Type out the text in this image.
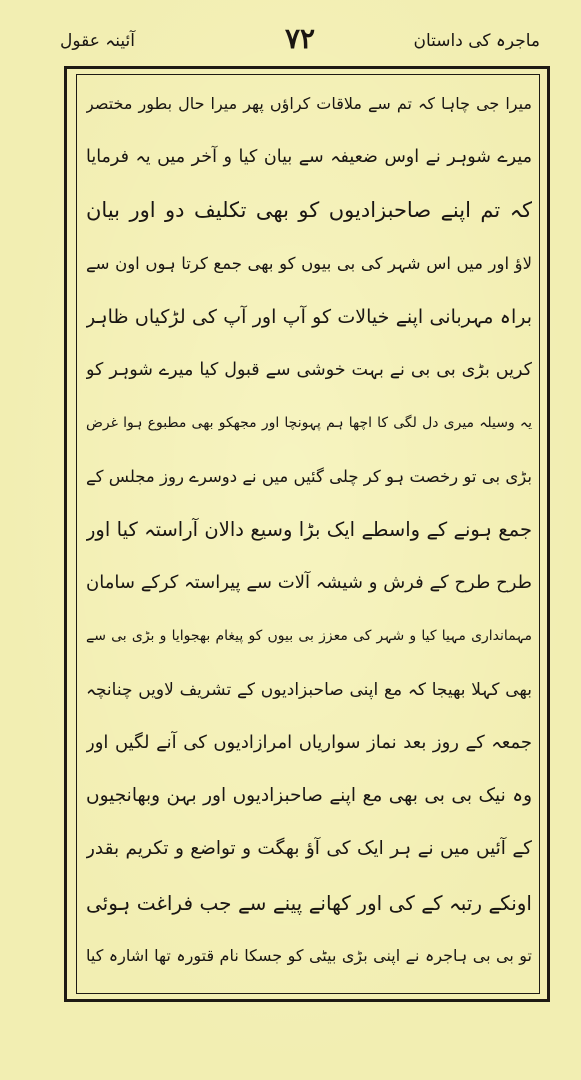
ماجرہ کی داستان
٧٢
آئینہ عقول
میرا جی چاہا کہ تم سے ملاقات کراؤں پھر میرا حال بطور مختصر
میرے شوہر نے اوس ضعیفہ سے بیان کیا و آخر میں یہ فرمایا
کہ تم اپنے صاحبزادیوں کو بھی تکلیف دو اور بیان
لاؤ اور میں اس شہر کی بی بیوں کو بھی جمع کرتا ہوں اون سے
براہ مہربانی اپنے خیالات کو آپ اور آپ کی لڑکیاں ظاہر
کریں بڑی بی بی نے بہت خوشی سے قبول کیا میرے شوہر کو
یہ وسیلہ میری دل لگی کا اچھا ہم پہونچا اور مجھکو بھی مطبوع ہوا غرض
بڑی بی تو رخصت ہو کر چلی گئیں میں نے دوسرے روز مجلس کے
جمع ہونے کے واسطے ایک بڑا وسیع دالان آراستہ کیا اور
طرح طرح کے فرش و شیشہ آلات سے پیراستہ کرکے سامان
مہمانداری مہیا کیا و شہر کی معزز بی بیوں کو پیغام بھجوایا و بڑی بی سے
بھی کہلا بھیجا کہ مع اپنی صاحبزادیوں کے تشریف لاویں چنانچہ
جمعہ کے روز بعد نماز سواریاں امرازادیوں کی آنے لگیں اور
وہ نیک بی بی بھی مع اپنے صاحبزادیوں اور بہن وبھانجیوں
کے آئیں میں نے ہر ایک کی آؤ بھگت و تواضع و تکریم بقدر
اونکے رتبہ کے کی اور کھانے پینے سے جب فراغت ہوئی
تو بی بی ہاجرہ نے اپنی بڑی بیٹی کو جسکا نام قتورہ تھا اشارہ کیا
